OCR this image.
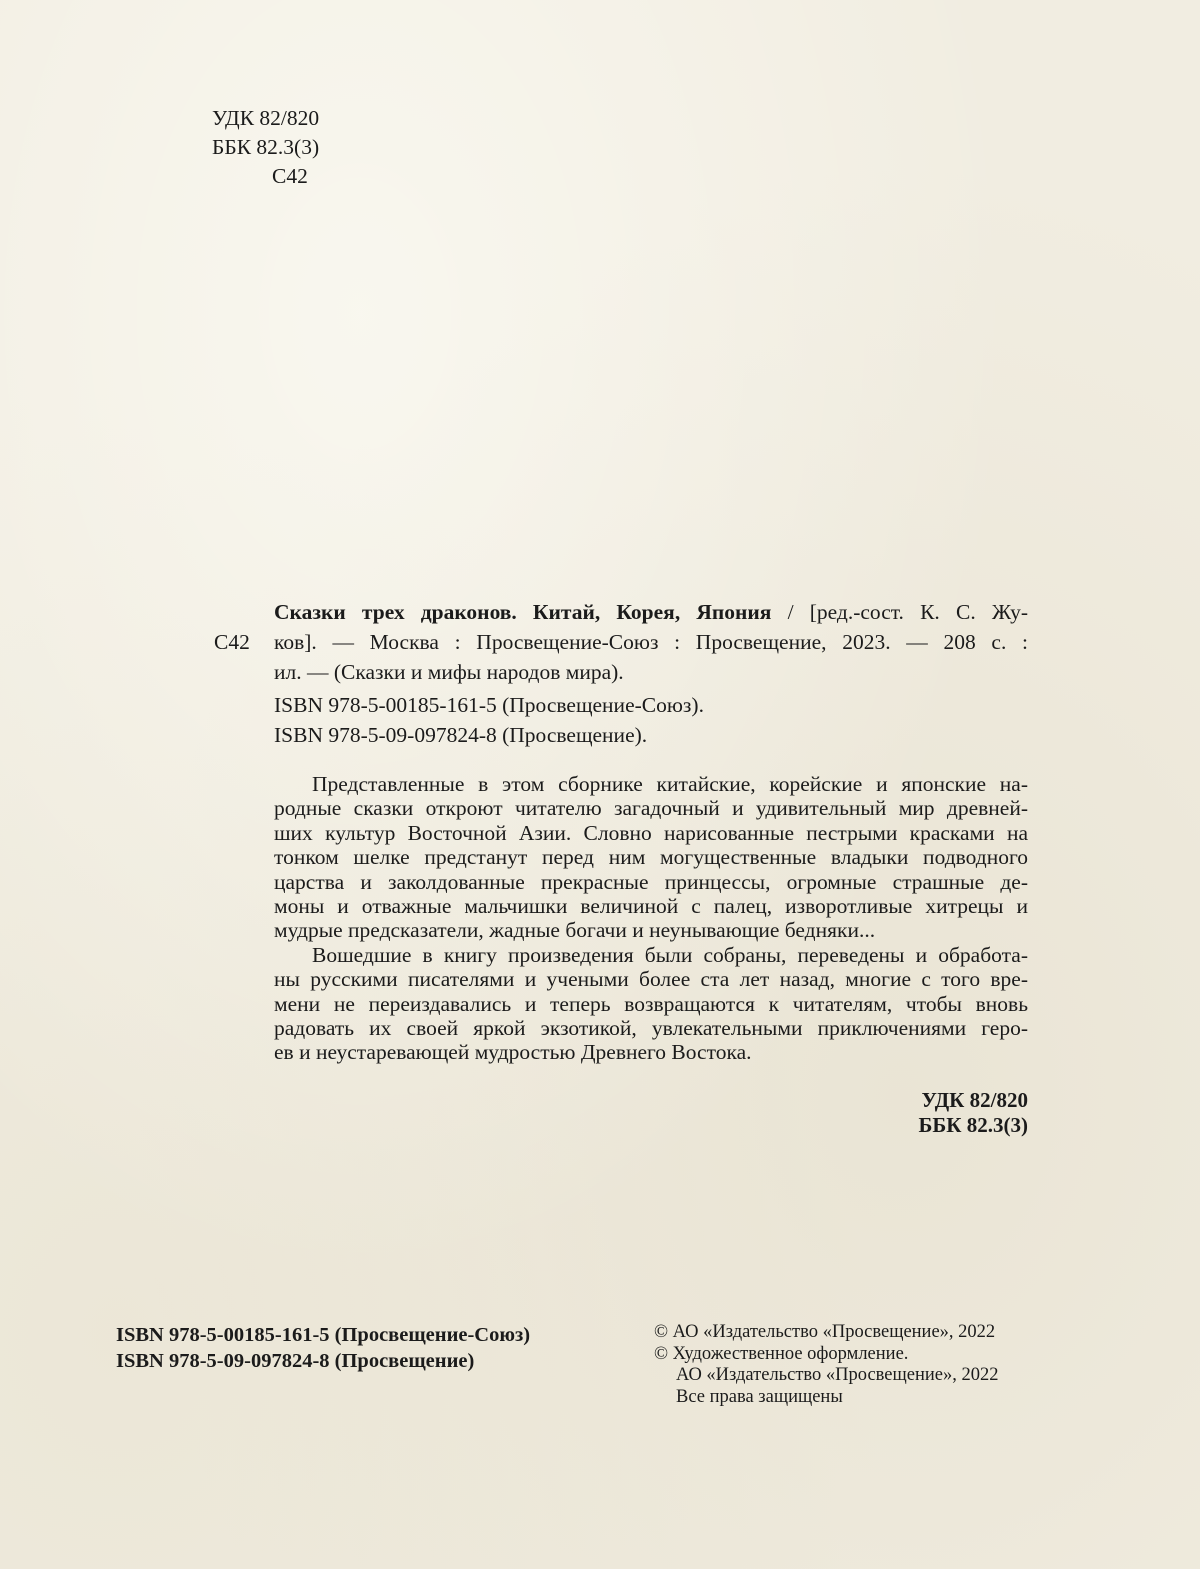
УДК 82/820
ББК 82.3(3)
С42
С42
Сказки трех драконов. Китай, Корея, Япония / [ред.-сост. К. С. Жу-
ков]. — Москва : Просвещение-Союз : Просвещение, 2023. — 208 с. :
ил. — (Сказки и мифы народов мира).
ISBN 978-5-00185-161-5 (Просвещение-Союз).
ISBN 978-5-09-097824-8 (Просвещение).
Представленные в этом сборнике китайские, корейские и японские на-
родные сказки откроют читателю загадочный и удивительный мир древней-
ших культур Восточной Азии. Словно нарисованные пестрыми красками на
тонком шелке предстанут перед ним могущественные владыки подводного
царства и заколдованные прекрасные принцессы, огромные страшные де-
моны и отважные мальчишки величиной с палец, изворотливые хитрецы и
мудрые предсказатели, жадные богачи и неунывающие бедняки...
Вошедшие в книгу произведения были собраны, переведены и обработа-
ны русскими писателями и учеными более ста лет назад, многие с того вре-
мени не переиздавались и теперь возвращаются к читателям, чтобы вновь
радовать их своей яркой экзотикой, увлекательными приключениями геро-
ев и неустаревающей мудростью Древнего Востока.
УДК 82/820
ББК 82.3(3)
ISBN 978-5-00185-161-5 (Просвещение-Союз)
ISBN 978-5-09-097824-8 (Просвещение)
© АО «Издательство «Просвещение», 2022
© Художественное оформление.
АО «Издательство «Просвещение», 2022
Все права защищены
